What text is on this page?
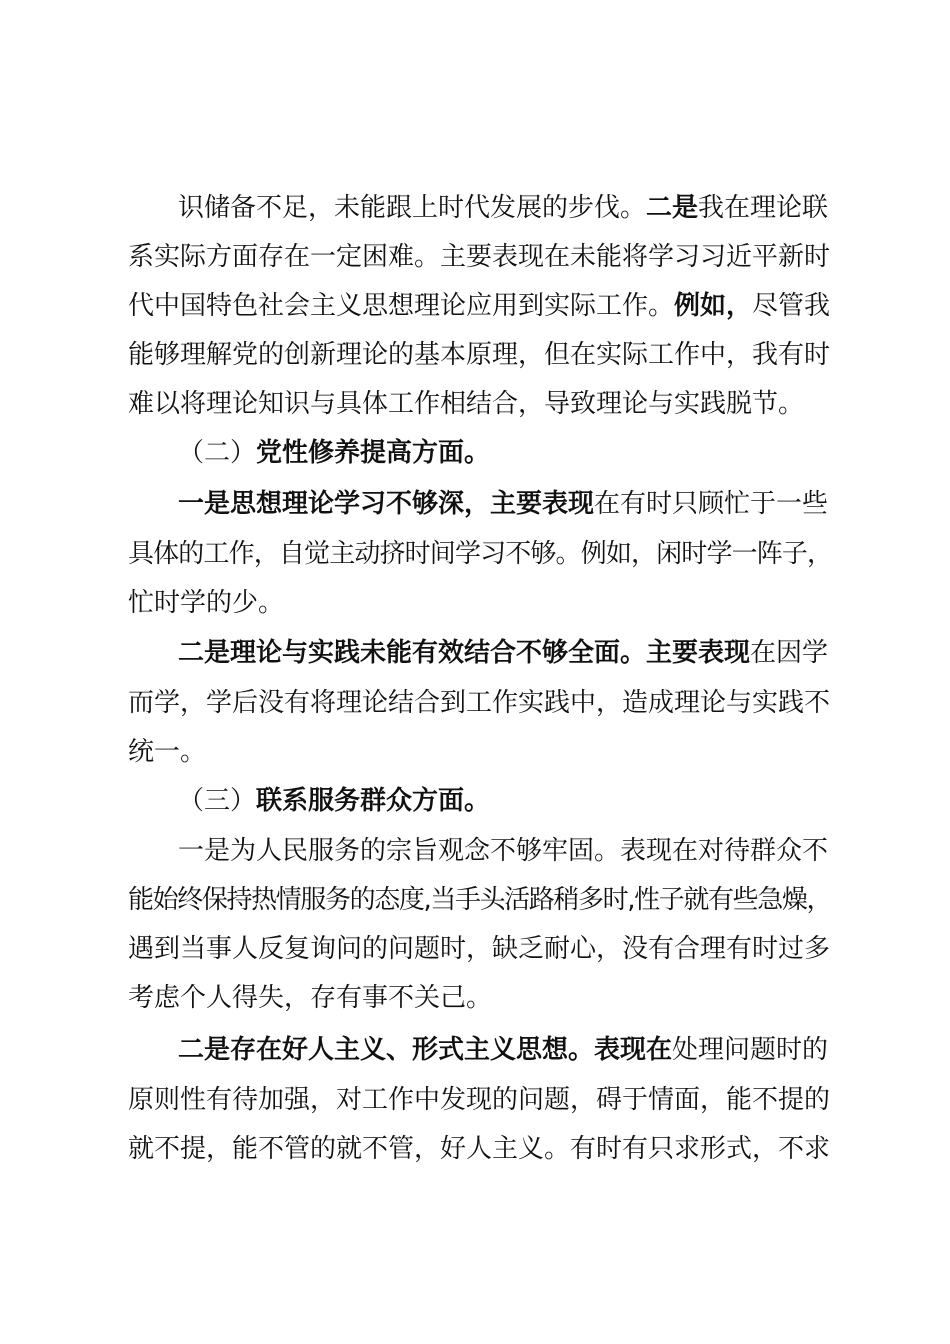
识储备不足，未能跟上时代发展的步伐。二是我在理论联
系实际方面存在一定困难。主要表现在未能将学习习近平新时
代中国特色社会主义思想理论应用到实际工作。例如，尽管我
能够理解党的创新理论的基本原理，但在实际工作中，我有时
难以将理论知识与具体工作相结合，导致理论与实践脱节。
（二）党性修养提高方面。
一是思想理论学习不够深，主要表现在有时只顾忙于一些
具体的工作，自觉主动挤时间学习不够。例如，闲时学一阵子，
忙时学的少。
二是理论与实践未能有效结合不够全面。主要表现在因学
而学，学后没有将理论结合到工作实践中，造成理论与实践不
统一。
（三）联系服务群众方面。
一是为人民服务的宗旨观念不够牢固。表现在对待群众不
能始终保持热情服务的态度,当手头活路稍多时,性子就有些急燥，
遇到当事人反复询问的问题时，缺乏耐心，没有合理有时过多
考虑个人得失，存有事不关己。
二是存在好人主义、形式主义思想。表现在处理问题时的
原则性有待加强，对工作中发现的问题，碍于情面，能不提的
就不提，能不管的就不管，好人主义。有时有只求形式，不求
